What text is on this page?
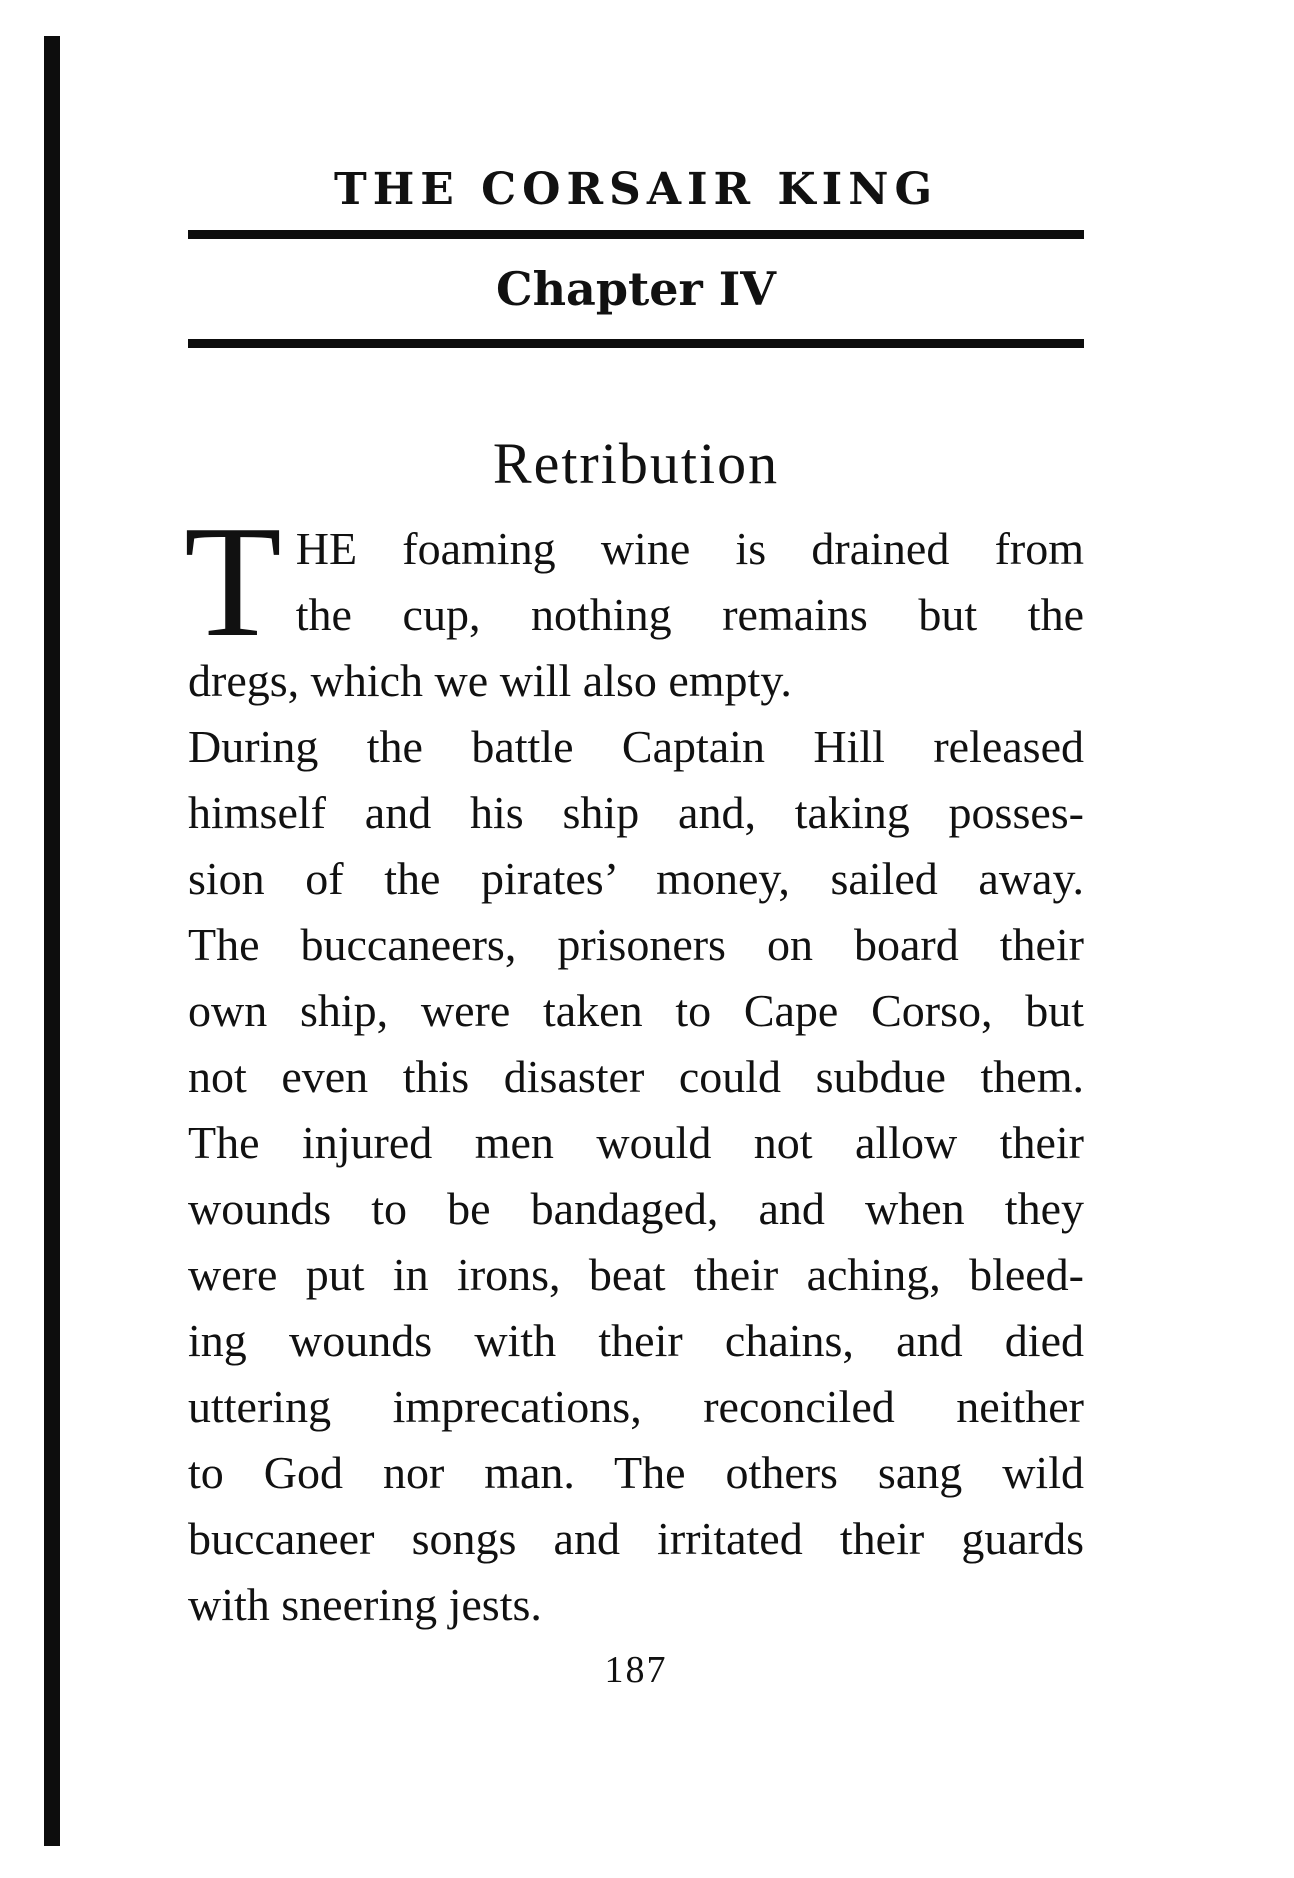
THE CORSAIR KING
Chapter IV
Retribution
T HE foaming wine is drained from
the cup, nothing remains but the
dregs, which we will also empty.
During the battle Captain Hill released
himself and his ship and, taking posses-
sion of the pirates’ money, sailed away.
The buccaneers, prisoners on board their
own ship, were taken to Cape Corso, but
not even this disaster could subdue them.
The injured men would not allow their
wounds to be bandaged, and when they
were put in irons, beat their aching, bleed-
ing wounds with their chains, and died
uttering imprecations, reconciled neither
to God nor man. The others sang wild
buccaneer songs and irritated their guards
with sneering jests.
187
